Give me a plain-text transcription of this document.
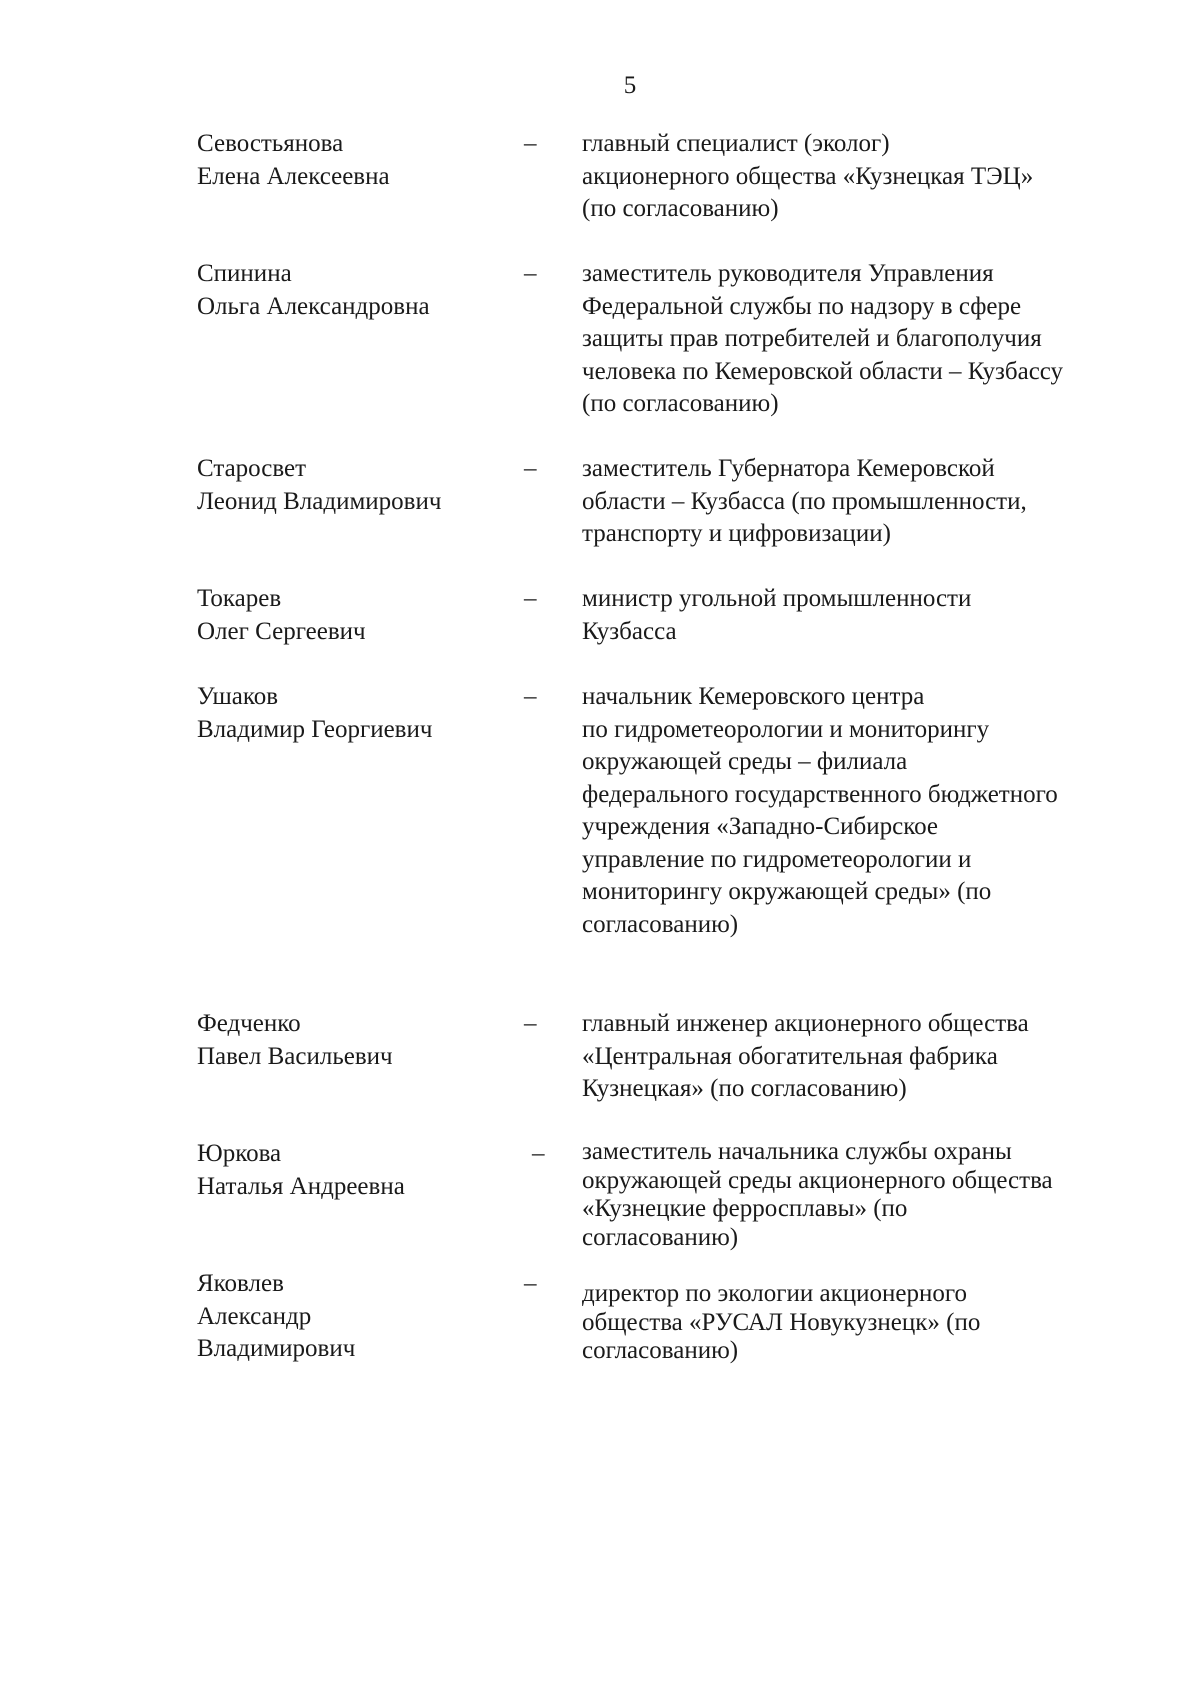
5
Севостьянова
Елена Алексеевна
– главный специалист (эколог)
акционерного общества «Кузнецкая ТЭЦ»
(по согласованию)
Спинина
Ольга Александровна
– заместитель руководителя Управления
Федеральной службы по надзору в сфере
защиты прав потребителей и благополучия
человека по Кемеровской области – Кузбассу
(по согласованию)
Старосвет
Леонид Владимирович
– заместитель Губернатора Кемеровской
области – Кузбасса (по промышленности,
транспорту и цифровизации)
Токарев
Олег Сергеевич
– министр угольной промышленности
Кузбасса
Ушаков
Владимир Георгиевич
– начальник Кемеровского центра
по гидрометеорологии и мониторингу
окружающей среды – филиала
федерального государственного бюджетного
учреждения «Западно-Сибирское
управление по гидрометеорологии и
мониторингу окружающей среды» (по
согласованию)
Федченко
Павел Васильевич
– главный инженер акционерного общества
«Центральная обогатительная фабрика
Кузнецкая» (по согласованию)
Юркова
Наталья Андреевна
– заместитель начальника службы охраны
окружающей среды акционерного общества
«Кузнецкие ферросплавы» (по
согласованию)
Яковлев
Александр
Владимирович
– директор по экологии акционерного
общества «РУСАЛ Новукузнецк» (по
согласованию)
